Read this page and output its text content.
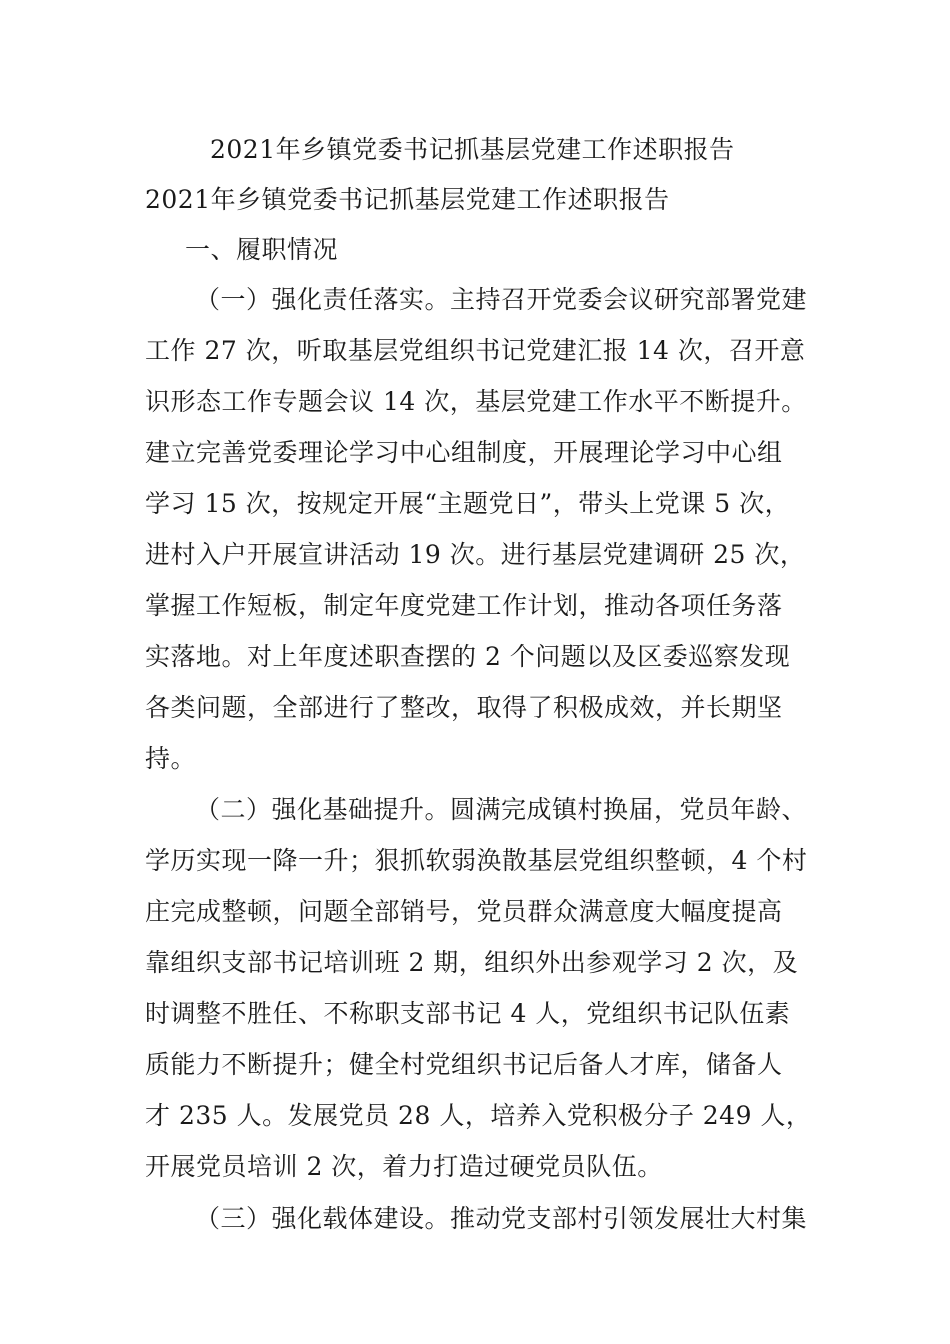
2021年乡镇党委书记抓基层党建工作述职报告
2021年乡镇党委书记抓基层党建工作述职报告
一、履职情况
（一）强化责任落实。主持召开党委会议研究部署党建
工作 27 次，听取基层党组织书记党建汇报 14 次，召开意
识形态工作专题会议 14 次，基层党建工作水平不断提升。
建立完善党委理论学习中心组制度，开展理论学习中心组
学习 15 次，按规定开展“主题党日”，带头上党课 5 次，
进村入户开展宣讲活动 19 次。进行基层党建调研 25 次，
掌握工作短板，制定年度党建工作计划，推动各项任务落
实落地。对上年度述职查摆的 2 个问题以及区委巡察发现
各类问题，全部进行了整改，取得了积极成效，并长期坚
持。
（二）强化基础提升。圆满完成镇村换届，党员年龄、
学历实现一降一升；狠抓软弱涣散基层党组织整顿，4 个村
庄完成整顿，问题全部销号，党员群众满意度大幅度提高
靠组织支部书记培训班 2 期，组织外出参观学习 2 次，及
时调整不胜任、不称职支部书记 4 人，党组织书记队伍素
质能力不断提升；健全村党组织书记后备人才库，储备人
才 235 人。发展党员 28 人，培养入党积极分子 249 人，
开展党员培训 2 次，着力打造过硬党员队伍。
（三）强化载体建设。推动党支部村引领发展壮大村集
